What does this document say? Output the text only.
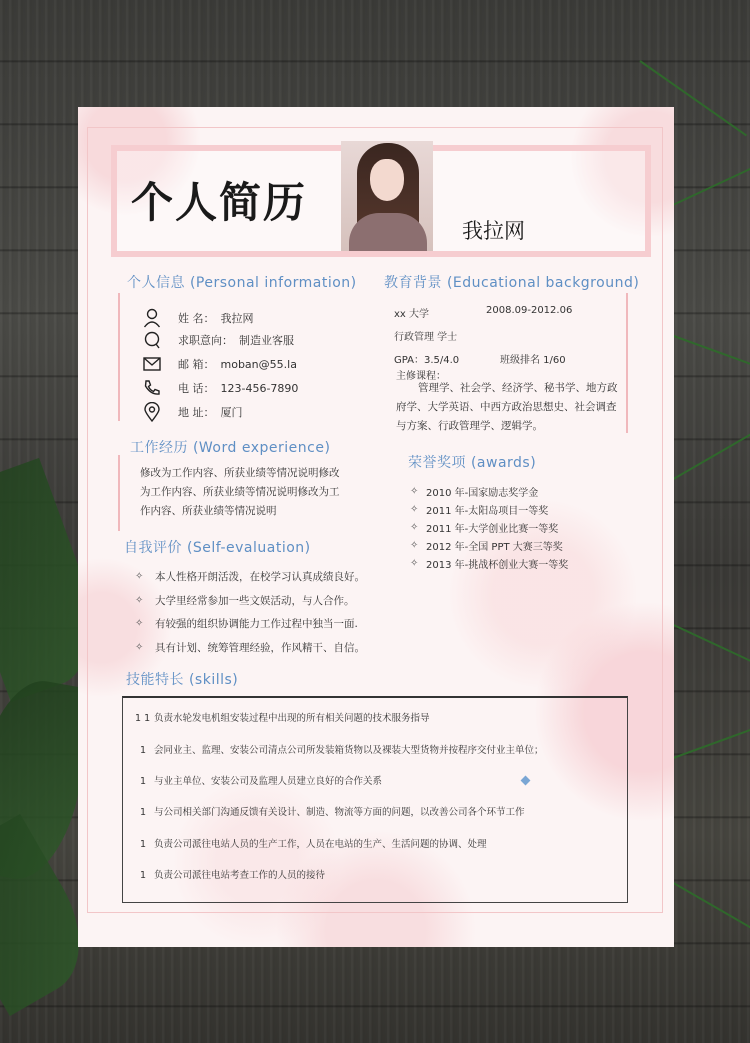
个人简历
我拉网
个人信息 (Personal information)
姓 名： 我拉网
求职意向： 制造业客服
邮 箱： moban@55.la
电 话： 123-456-7890
地 址： 厦门
教育背景 (Educational background)
xx 大学	2008.09-2012.06
行政管理 学士
GPA：3.5/4.0	班级排名 1/60
主修课程：
管理学、社会学、经济学、秘书学、地方政
府学、大学英语、中西方政治思想史、社会调查
与方案、行政管理学、逻辑学。
工作经历 (Word experience)
修改为工作内容、所获业绩等情况说明修改
为工作内容、所获业绩等情况说明修改为工
作内容、所获业绩等情况说明
荣誉奖项 (awards)
✧ 2010 年-国家励志奖学金
✧ 2011 年-太阳岛项目一等奖
✧ 2011 年-大学创业比赛一等奖
✧ 2012 年-全国 PPT 大赛三等奖
✧ 2013 年-挑战杯创业大赛一等奖
自我评价 (Self-evaluation)
✧	本人性格开朗活泼，在校学习认真成绩良好。
✧	大学里经常参加一些文娱活动，与人合作。
✧	有较强的组织协调能力工作过程中独当一面.
✧	具有计划、统筹管理经验，作风精干、自信。
技能特长 (skills)
1 1 负责水轮发电机组安装过程中出现的所有相关问题的技术服务指导
1 会同业主、监理、安装公司清点公司所发装箱货物以及裸装大型货物并按程序交付业主单位；
1 与业主单位、安装公司及监理人员建立良好的合作关系
1 与公司相关部门沟通反馈有关设计、制造、物流等方面的问题，以改善公司各个环节工作
1 负责公司派往电站人员的生产工作，人员在电站的生产、生活问题的协调、处理
1 负责公司派往电站考查工作的人员的接待
